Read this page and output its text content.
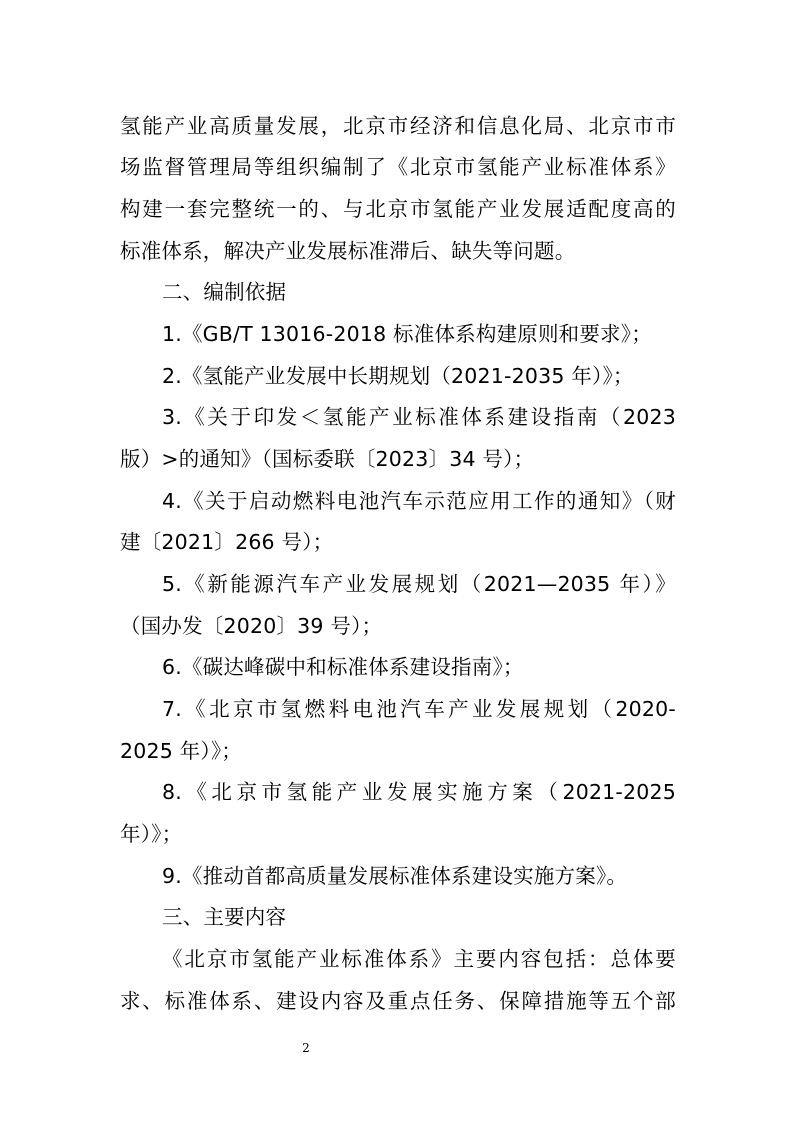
氢能产业高质量发展，北京市经济和信息化局、北京市市
场监督管理局等组织编制了《北京市氢能产业标准体系》
构建一套完整统一的、与北京市氢能产业发展适配度高的
标准体系，解决产业发展标准滞后、缺失等问题。
二、编制依据
1.《GB/T 13016-2018 标准体系构建原则和要求》；
2.《氢能产业发展中长期规划（2021-2035 年）》；
3.《关于印发＜氢能产业标准体系建设指南（2023
版）>的通知》（国标委联〔2023〕34 号）；
4.《关于启动燃料电池汽车示范应用工作的通知》（财
建〔2021〕266 号）；
5.《新能源汽车产业发展规划（2021—2035 年）》
（国办发〔2020〕39 号）；
6.《碳达峰碳中和标准体系建设指南》；
7.《北京市氢燃料电池汽车产业发展规划（2020-
2025 年）》；
8.《北京市氢能产业发展实施方案（2021-2025
年）》；
9.《推动首都高质量发展标准体系建设实施方案》。
三、主要内容
《北京市氢能产业标准体系》主要内容包括：总体要
求、标准体系、建设内容及重点任务、保障措施等五个部
2
